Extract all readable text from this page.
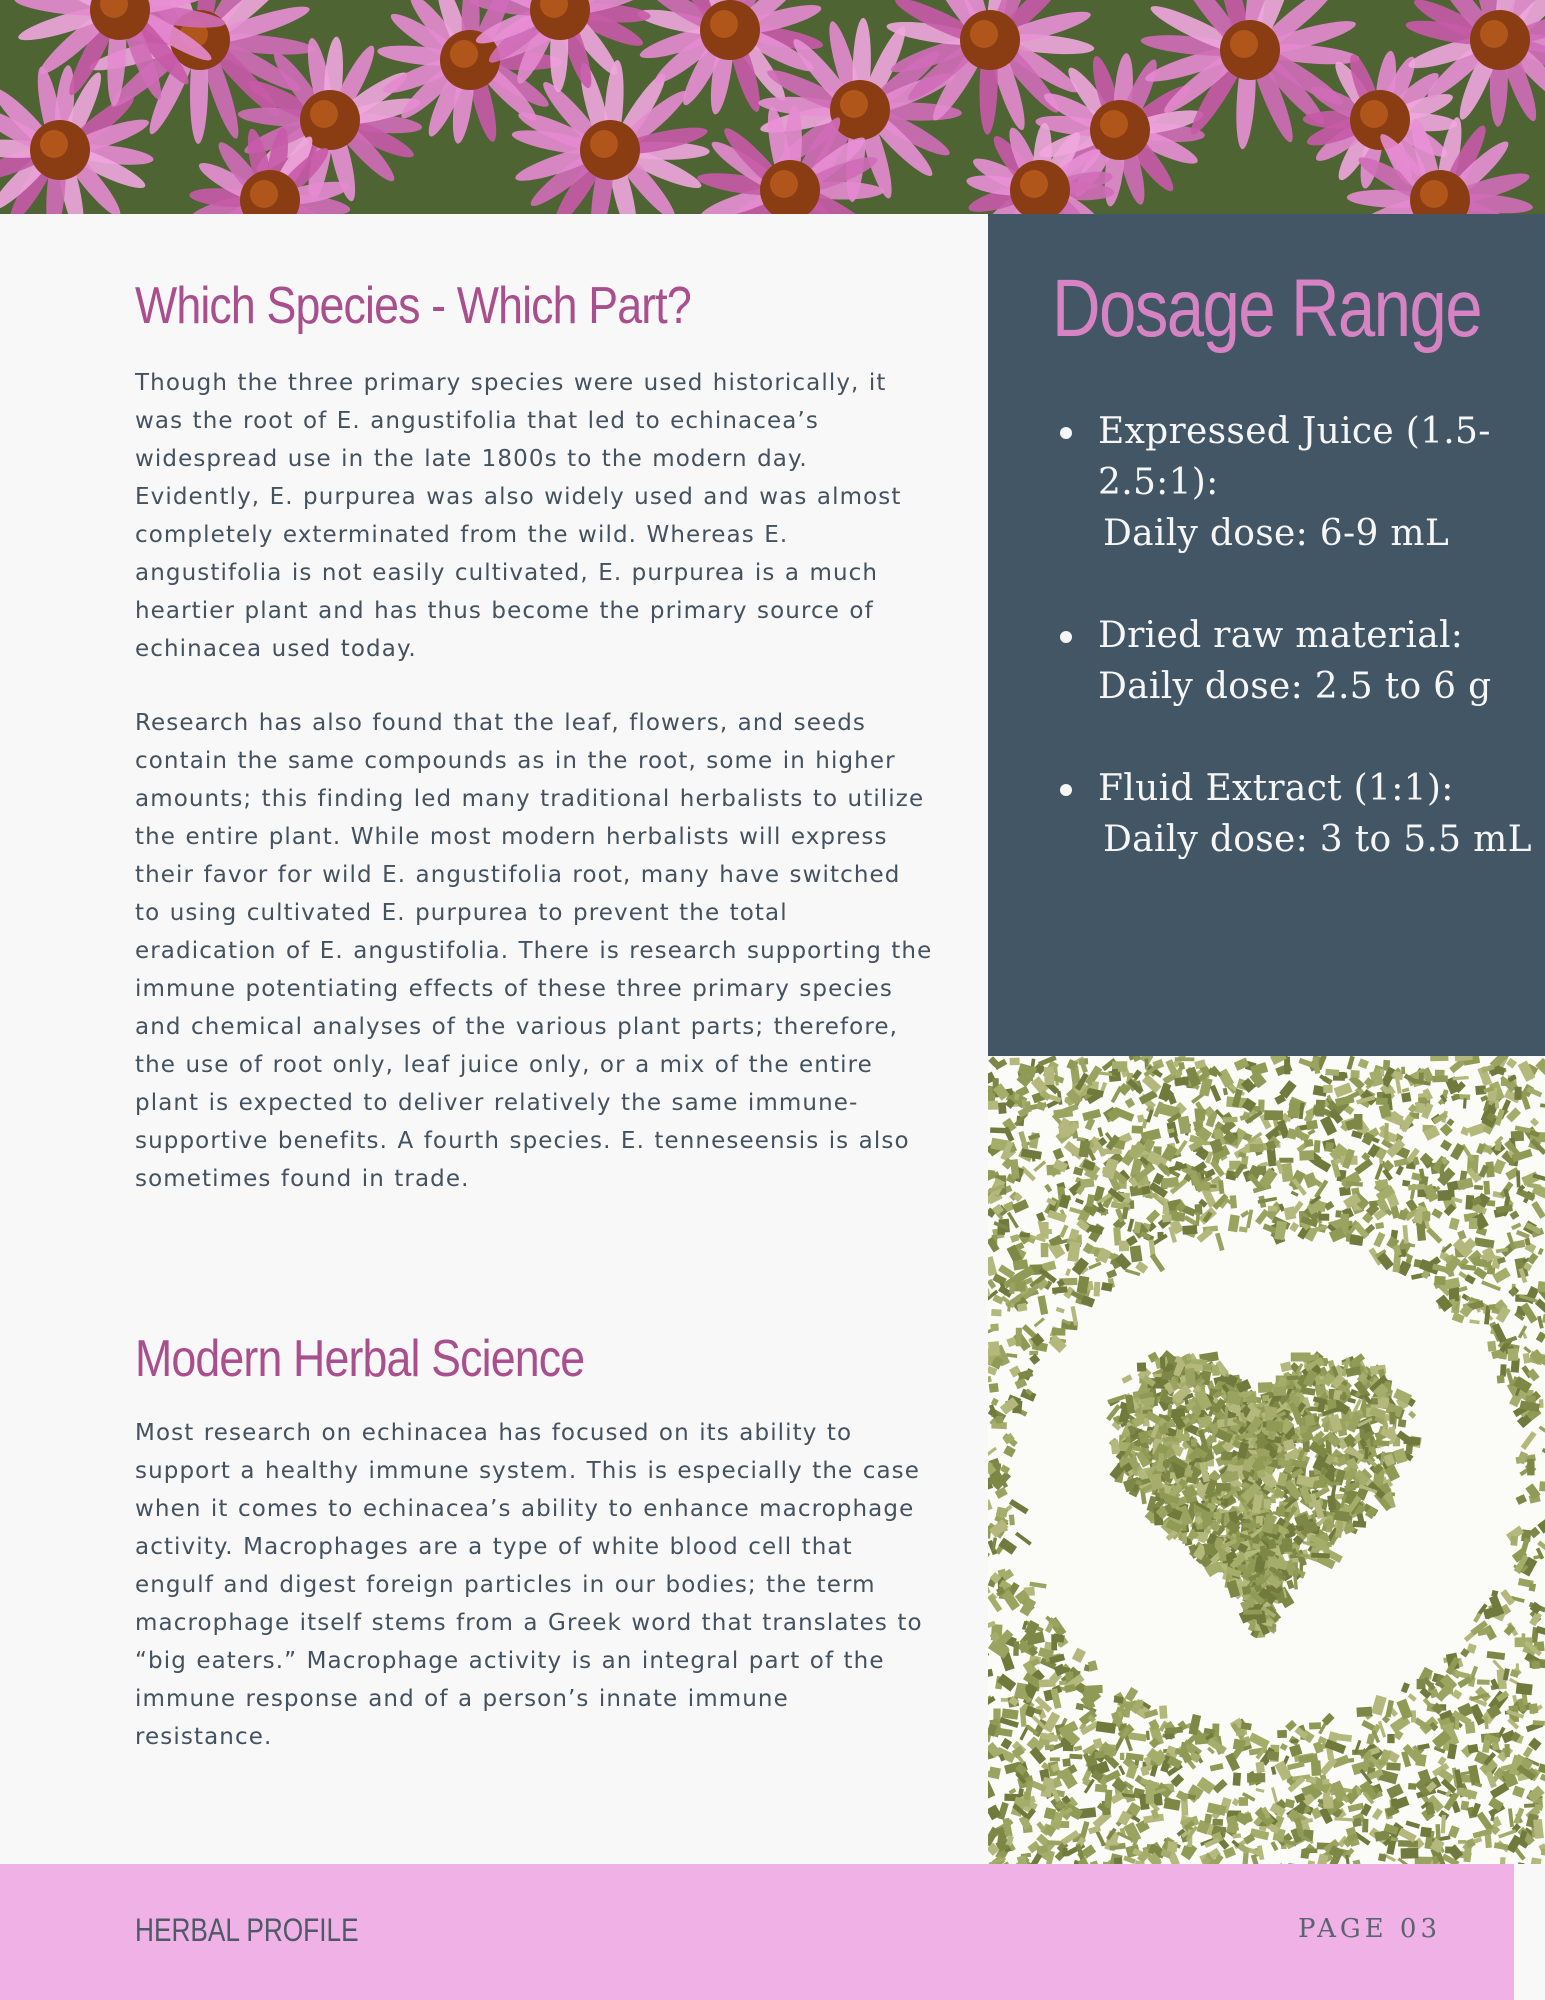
Which Species - Which Part?

Though the three primary species were used historically, it was the root of E. angustifolia that led to echinacea’s widespread use in the late 1800s to the modern day. Evidently, E. purpurea was also widely used and was almost completely exterminated from the wild. Whereas E. angustifolia is not easily cultivated, E. purpurea is a much heartier plant and has thus become the primary source of echinacea used today.

Research has also found that the leaf, flowers, and seeds contain the same compounds as in the root, some in higher amounts; this finding led many traditional herbalists to utilize the entire plant. While most modern herbalists will express their favor for wild E. angustifolia root, many have switched to using cultivated E. purpurea to prevent the total eradication of E. angustifolia. There is research supporting the immune potentiating effects of these three primary species and chemical analyses of the various plant parts; therefore, the use of root only, leaf juice only, or a mix of the entire plant is expected to deliver relatively the same immune-supportive benefits. A fourth species. E. tenneseensis is also sometimes found in trade.

Modern Herbal Science

Most research on echinacea has focused on its ability to support a healthy immune system. This is especially the case when it comes to echinacea’s ability to enhance macrophage activity. Macrophages are a type of white blood cell that engulf and digest foreign particles in our bodies; the term macrophage itself stems from a Greek word that translates to “big eaters.” Macrophage activity is an integral part of the immune response and of a person’s innate immune resistance.

Dosage Range
Expressed Juice (1.5-
2.5:1):
Daily dose: 6-9 mL
Dried raw material:
Daily dose: 2.5 to 6 g
Fluid Extract (1:1):
Daily dose: 3 to 5.5 mL
HERBAL PROFILE	PAGE 03
